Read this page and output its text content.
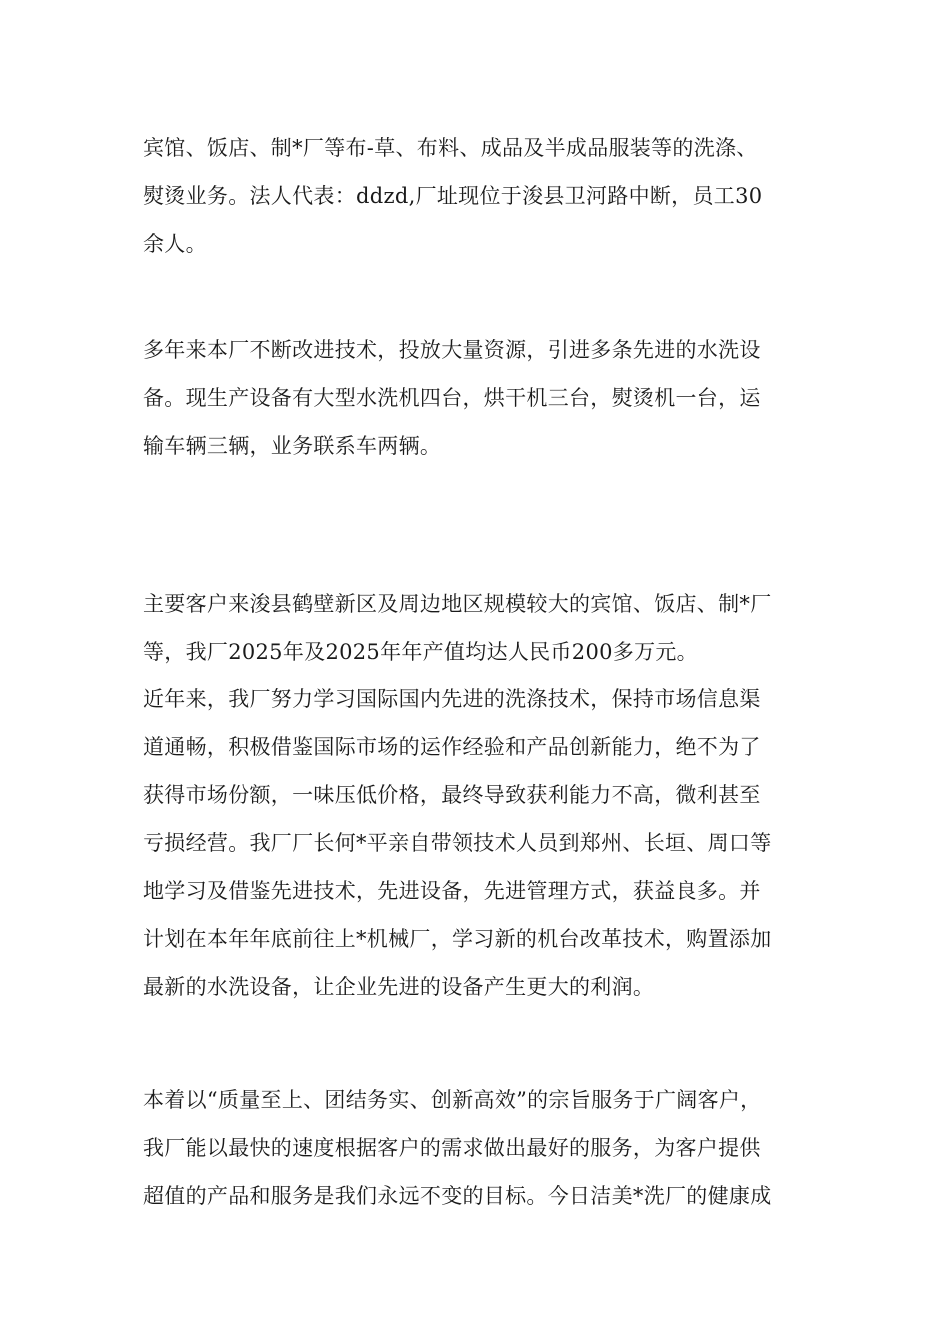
宾馆、饭店、制*厂等布-草、布料、成品及半成品服装等的洗涤、
熨烫业务。法人代表：ddzd,厂址现位于浚县卫河路中断，员工30
余人。

多年来本厂不断改进技术，投放大量资源，引进多条先进的水洗设
备。现生产设备有大型水洗机四台，烘干机三台，熨烫机一台，运
输车辆三辆，业务联系车两辆。

主要客户来浚县鹤壁新区及周边地区规模较大的宾馆、饭店、制*厂
等，我厂2025年及2025年年产值均达人民币200多万元。

近年来，我厂努力学习国际国内先进的洗涤技术，保持市场信息渠
道通畅，积极借鉴国际市场的运作经验和产品创新能力，绝不为了
获得市场份额，一味压低价格，最终导致获利能力不高，微利甚至
亏损经营。我厂厂长何*平亲自带领技术人员到郑州、长垣、周口等
地学习及借鉴先进技术，先进设备，先进管理方式，获益良多。并
计划在本年年底前往上*机械厂，学习新的机台改革技术，购置添加
最新的水洗设备，让企业先进的设备产生更大的利润。

本着以“质量至上、团结务实、创新高效”的宗旨服务于广阔客户，
我厂能以最快的速度根据客户的需求做出最好的服务，为客户提供
超值的产品和服务是我们永远不变的目标。今日洁美*洗厂的健康成
